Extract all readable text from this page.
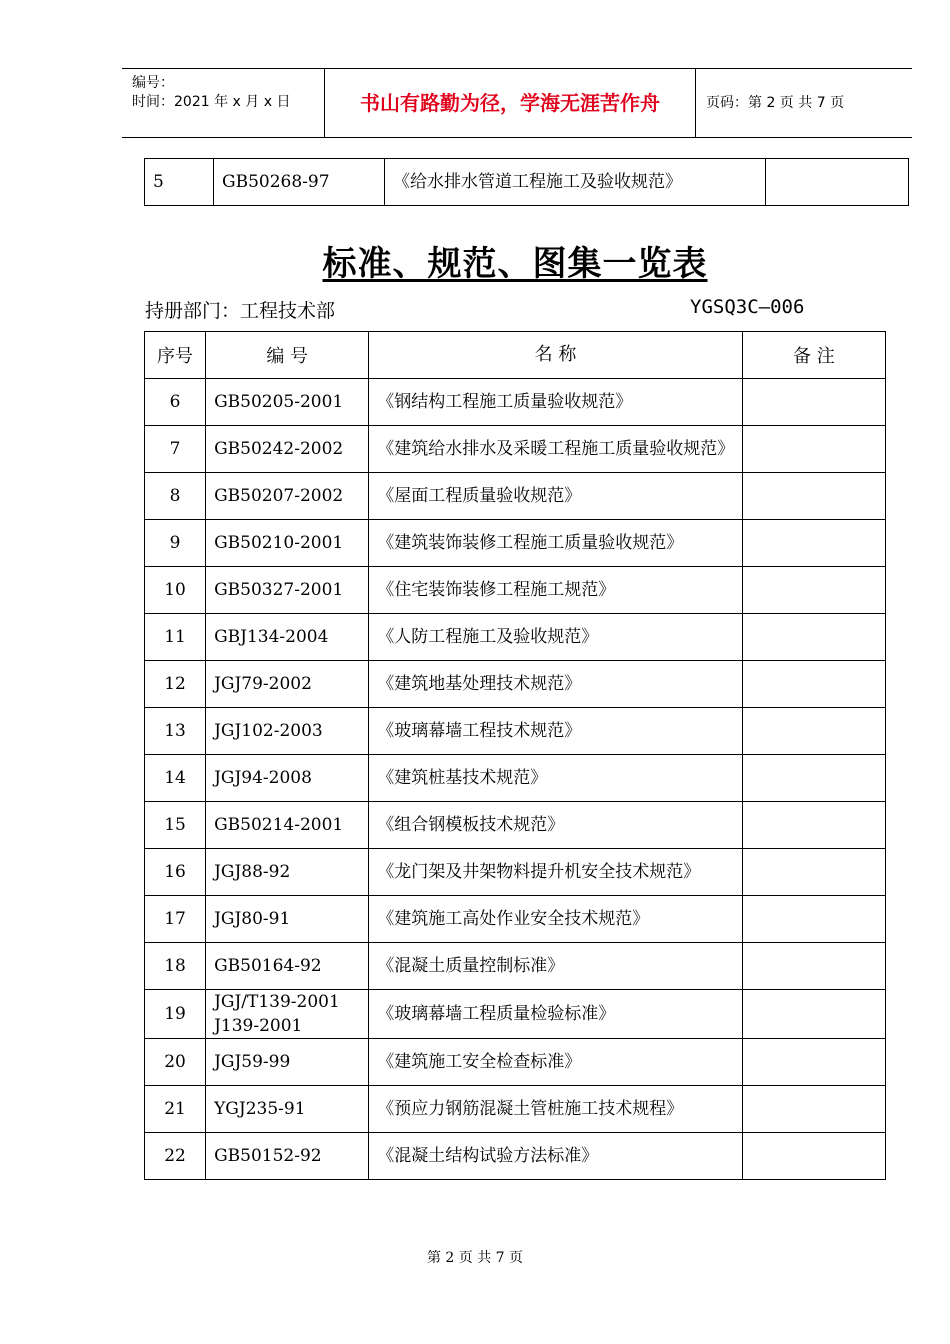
编号：
时间：2021 年 x 月 x 日	书山有路勤为径，学海无涯苦作舟	页码：第 2 页 共 7 页
5	GB50268-97	《给水排水管道工程施工及验收规范》	
标准、规范、图集一览表
持册部门：工程技术部	YGSQ3C—006
序号	编 号	名 称	备 注
6	GB50205-2001	《钢结构工程施工质量验收规范》	
7	GB50242-2002	《建筑给水排水及采暖工程施工质量验收规范》	
8	GB50207-2002	《屋面工程质量验收规范》	
9	GB50210-2001	《建筑装饰装修工程施工质量验收规范》	
10	GB50327-2001	《住宅装饰装修工程施工规范》	
11	GBJ134-2004	《人防工程施工及验收规范》	
12	JGJ79-2002	《建筑地基处理技术规范》	
13	JGJ102-2003	《玻璃幕墙工程技术规范》	
14	JGJ94-2008	《建筑桩基技术规范》	
15	GB50214-2001	《组合钢模板技术规范》	
16	JGJ88-92	《龙门架及井架物料提升机安全技术规范》	
17	JGJ80-91	《建筑施工高处作业安全技术规范》	
18	GB50164-92	《混凝土质量控制标准》	
19	JGJ/T139-2001 J139-2001	《玻璃幕墙工程质量检验标准》	
20	JGJ59-99	《建筑施工安全检查标准》	
21	YGJ235-91	《预应力钢筋混凝土管桩施工技术规程》	
22	GB50152-92	《混凝土结构试验方法标准》	
第 2 页 共 7 页
